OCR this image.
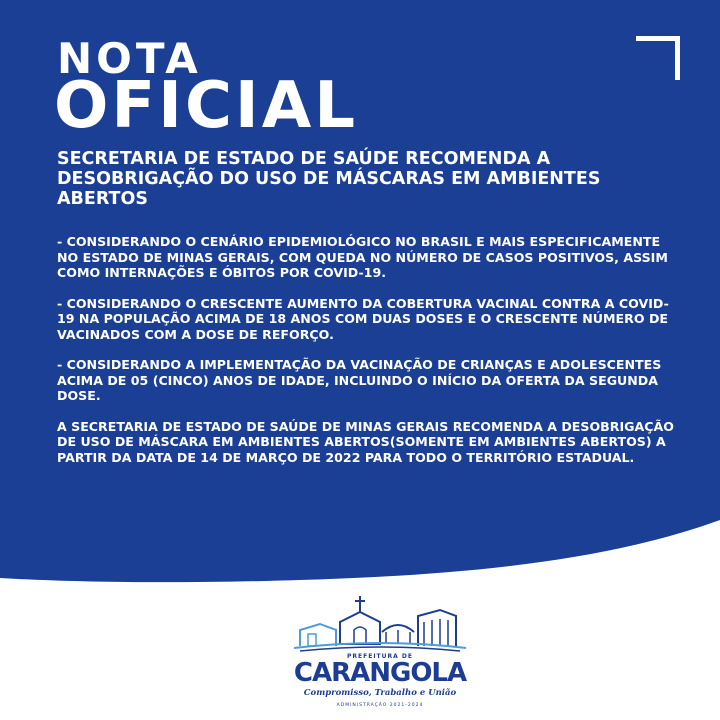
NOTA
OFICIAL
SECRETARIA DE ESTADO DE SAÚDE RECOMENDA A DESOBRIGAÇÃO DO USO DE MÁSCARAS EM AMBIENTES ABERTOS

- CONSIDERANDO O CENÁRIO EPIDEMIOLÓGICO NO BRASIL E MAIS ESPECIFICAMENTE NO ESTADO DE MINAS GERAIS, COM QUEDA NO NÚMERO DE CASOS POSITIVOS, ASSIM COMO INTERNAÇÕES E ÓBITOS POR COVID-19.

- CONSIDERANDO O CRESCENTE AUMENTO DA COBERTURA VACINAL CONTRA A COVID-19 NA POPULAÇÃO ACIMA DE 18 ANOS COM DUAS DOSES E O CRESCENTE NÚMERO DE VACINADOS COM A DOSE DE REFORÇO.

- CONSIDERANDO A IMPLEMENTAÇÃO DA VACINAÇÃO DE CRIANÇAS E ADOLESCENTES ACIMA DE 05 (CINCO) ANOS DE IDADE, INCLUINDO O INÍCIO DA OFERTA DA SEGUNDA DOSE.

A SECRETARIA DE ESTADO DE SAÚDE DE MINAS GERAIS RECOMENDA A DESOBRIGAÇÃO DE USO DE MÁSCARA EM AMBIENTES ABERTOS(SOMENTE EM AMBIENTES ABERTOS) A PARTIR DA DATA DE 14 DE MARÇO DE 2022 PARA TODO O TERRITÓRIO ESTADUAL.

PREFEITURA DE
CARANGOLA
Compromisso, Trabalho e União
ADMINISTRAÇÃO 2021-2024
